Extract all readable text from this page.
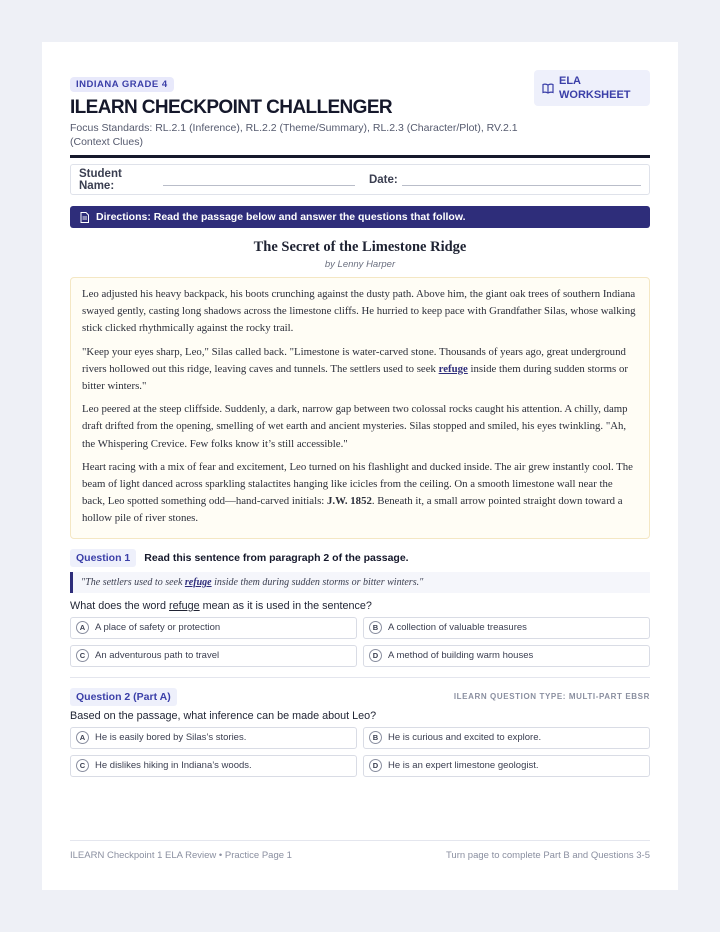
INDIANA GRADE 4
ILEARN CHECKPOINT CHALLENGER
Focus Standards: RL.2.1 (Inference), RL.2.2 (Theme/Summary), RL.2.3 (Character/Plot), RV.2.1 (Context Clues)
ELA WORKSHEET
Student Name:	Date:
Directions: Read the passage below and answer the questions that follow.
The Secret of the Limestone Ridge
by Lenny Harper

Leo adjusted his heavy backpack, his boots crunching against the dusty path. Above him, the giant oak trees of southern Indiana swayed gently, casting long shadows across the limestone cliffs. He hurried to keep pace with Grandfather Silas, whose walking stick clicked rhythmically against the rocky trail.

"Keep your eyes sharp, Leo," Silas called back. "Limestone is water-carved stone. Thousands of years ago, great underground rivers hollowed out this ridge, leaving caves and tunnels. The settlers used to seek refuge inside them during sudden storms or bitter winters."

Leo peered at the steep cliffside. Suddenly, a dark, narrow gap between two colossal rocks caught his attention. A chilly, damp draft drifted from the opening, smelling of wet earth and ancient mysteries. Silas stopped and smiled, his eyes twinkling. "Ah, the Whispering Crevice. Few folks know it’s still accessible."

Heart racing with a mix of fear and excitement, Leo turned on his flashlight and ducked inside. The air grew instantly cool. The beam of light danced across sparkling stalactites hanging like icicles from the ceiling. On a smooth limestone wall near the back, Leo spotted something odd—hand-carved initials: J.W. 1852. Beneath it, a small arrow pointed straight down toward a hollow pile of river stones.

Question 1	Read this sentence from paragraph 2 of the passage.
"The settlers used to seek refuge inside them during sudden storms or bitter winters."
What does the word refuge mean as it is used in the sentence?
A	A place of safety or protection	B	A collection of valuable treasures
C	An adventurous path to travel	D	A method of building warm houses
Question 2 (Part A)	ILEARN QUESTION TYPE: MULTI-PART EBSR
Based on the passage, what inference can be made about Leo?
A	He is easily bored by Silas’s stories.	B	He is curious and excited to explore.
C	He dislikes hiking in Indiana’s woods.	D	He is an expert limestone geologist.
ILEARN Checkpoint 1 ELA Review • Practice Page 1	Turn page to complete Part B and Questions 3-5
